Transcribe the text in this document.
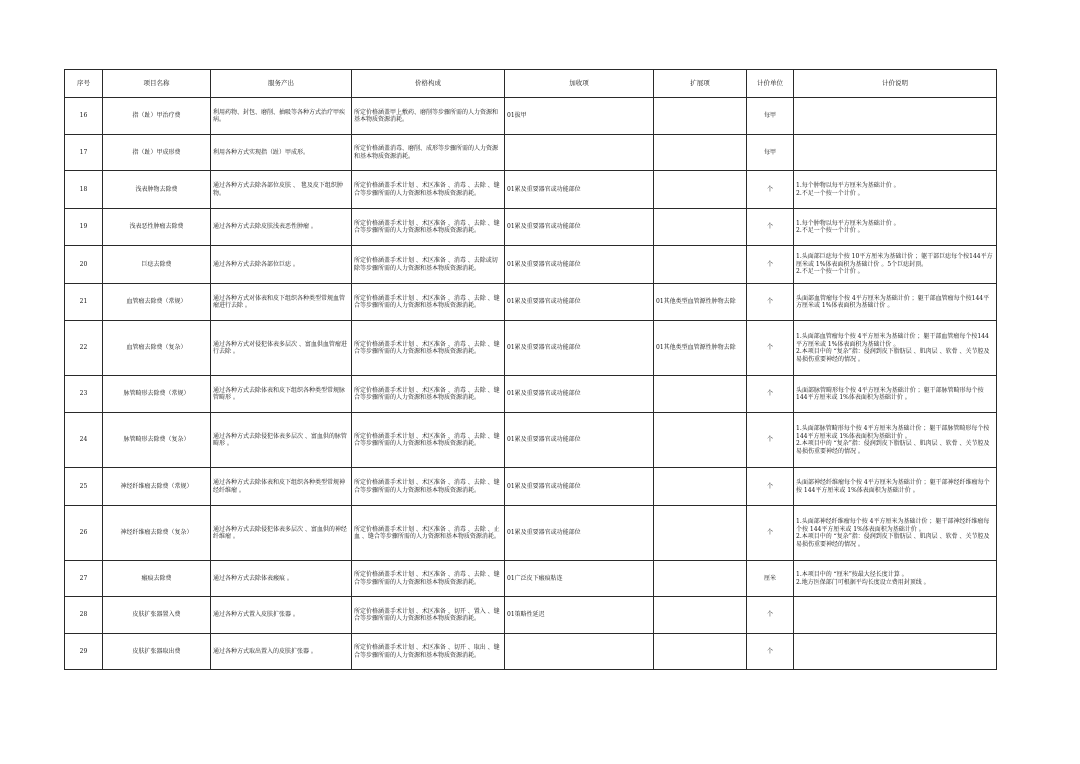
序号	项目名称	服务产出	价格构成	加收项	扩展项	计价单位	计价说明
16	指（趾）甲治疗费	利用药物、封包、磨削、抽吸等各种方式治疗甲疾病。	所定价格涵盖甲上敷药、磨削等步骤所需的人力资源和基本物质资源消耗。	01拔甲		每甲	
17	指（趾）甲成形费	利用各种方式实现指（趾）甲成形。	所定价格涵盖消毒、磨削、成形等步骤所需的人力资源和基本物质资源消耗。			每甲	
18	浅表肿物去除费	通过各种方式去除各部位皮肤 、 毯及皮下组织肿物。	所定价格涵盖手术计划 、术区准备 、消毒 、去除 、缝合等步骤所需的人力资源和基本物质资源消耗。	01累及重要器官或功能部位		个	1.每个肿物以每平方厘米为基础计价 。
2.不足一个按一个计价 。
19	浅表恶性肿瘤去除费	通过各种方式去除皮肤浅表恶性肿瘤 。	所定价格涵盖手术计划 、术区准备 、消毒 、去除 、缝合等步骤所需的人力资源和基本物质资源消耗。	01累及重要器官或功能部位		个	1.每个肿物以每平方厘米为基础计价 。
2.不足一个按一个计价 。
20	巨痣去除费	通过各种方式去除各部位巨痣 。	所定价格涵盖手术计划 、术区准备 、消毒 、去除或切除等步骤所需的人力资源和基本物质资源消耗。	01累及重要器官或功能部位		个	1.头面部巨痣每个按 10平方厘米为基础计价 ；躯干部巨痣每个按144平方厘米或 1%体表面积为基础计价 。5个巨痣封顶。
2.不足一个按一个计价 。
21	血管瘤去除费（常规）	通过各种方式对体表和皮下组织各种类型常规血管瘤进行去除 。	所定价格涵盖手术计划 、术区准备 、消毒 、去除 、缝合等步骤所需的人力资源和基本物质资源消耗。	01累及重要器官或功能部位	01其他类型血管源性肿物去除	个	头面部血管瘤每个按 4平方厘米为基础计价 ；躯干部血管瘤每个按144平方厘米或 1%体表面积为基础计价 。
22	血管瘤去除费（复杂）	通过各种方式对侵犯体表多层次 、富血供血管瘤进行去除 。	所定价格涵盖手术计划 、术区准备 、消毒 、去除 、缝合等步骤所需的人力资源和基本物质资源消耗。	01累及重要器官或功能部位	01其他类型血管源性肿物去除	个	1.头面部血管瘤每个按 4平方厘米为基础计价 ；躯干部血管瘤每个按144平方厘米或 1%体表面积为基础计价 。
2.本项目中的 “复杂”指：侵润到皮下脂肪层 、肌肉层 、软骨 、关节腔及易损伤重要神经的情况 。
23	脉管畸形去除费（常规）	通过各种方式去除体表和皮下组织各种类型常规脉管畸形 。	所定价格涵盖手术计划 、术区准备 、消毒 、去除 、缝合等步骤所需的人力资源和基本物质资源消耗。	01累及重要器官或功能部位		个	头面部脉管畸形每个按 4平方厘米为基础计价 ；躯干部脉管畸形每个按 144平方厘米或 1%体表面积为基础计价 。
24	脉管畸形去除费（复杂）	通过各种方式去除侵犯体表多层次 、富血供的脉管畸形 。	所定价格涵盖手术计划 、术区准备 、消毒 、去除 、缝合等步骤所需的人力资源和基本物质资源消耗。	01累及重要器官或功能部位		个	1.头面部脉管畸形每个按 4平方厘米为基础计价 ；躯干部脉管畸形每个按 144平方厘米或 1%体表面积为基础计价 。
2.本项目中的 “复杂”指：侵润到皮下脂肪层 、肌肉层 、软骨 、关节腔及易损伤重要神经的情况 。
25	神经纤维瘤去除费（常规）	通过各种方式去除体表和皮下组织各种类型常规神经纤维瘤 。	所定价格涵盖手术计划 、术区准备 、消毒 、去除 、缝合等步骤所需的人力资源和基本物质资源消耗。	01累及重要器官或功能部位		个	头面部神经纤维瘤每个按 4平方厘米为基础计价 ；躯干部神经纤维瘤每个按 144平方厘米或 1%体表面积为基础计价 。
26	神经纤维瘤去除费（复杂）	通过各种方式去除侵犯体表多层次 、富血供的神经纤维瘤 。	所定价格涵盖手术计划 、术区准备 、消毒 、去除 、止血 、缝合等步骤所需的人力资源和基本物质资源消耗。	01累及重要器官或功能部位		个	1.头面部神经纤维瘤每个按 4平方厘米为基础计价 ；躯干部神经纤维瘤每个按 144平方厘米或 1%体表面积为基础计价 。
2.本项目中的 “复杂”指：侵润到皮下脂肪层 、肌肉层 、软骨 、关节腔及易损伤重要神经的情况 。
27	瘢痕去除费	通过各种方式去除体表瘢痕 。	所定价格涵盖手术计划 、术区准备 、消毒 、去除 、缝合等步骤所需的人力资源和基本物质资源消耗。	01广泛皮下瘢痕粘连		厘米	1.本项目中的 “厘米”按最大径长度计算 。
2.地方医保部门可根据平均长度设立费用封顶线 。
28	皮肤扩张器置入费	通过各种方式置入皮肤扩张器 。	所定价格涵盖手术计划 、术区准备 、切开 、置入 、缝合等步骤所需的人力资源和基本物质资源消耗。	01策略性延迟		个	
29	皮肤扩张器取出费	通过各种方式取出置入的皮肤扩张器 。	所定价格涵盖手术计划 、术区准备 、切开 、取出 、缝合等步骤所需的人力资源和基本物质资源消耗。			个	
